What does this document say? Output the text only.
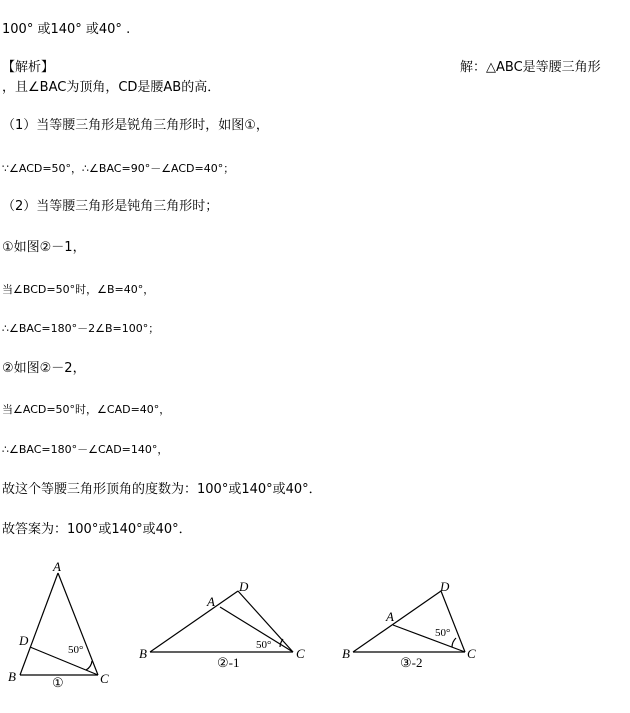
100° 或140° 或40° .
【解析】	解：△ABC是等腰三角形
，且∠BAC为顶角，CD是腰AB的高．
（1）当等腰三角形是锐角三角形时，如图①，
∵∠ACD=50°，∴∠BAC=90°－∠ACD=40°；
（2）当等腰三角形是钝角三角形时；
①如图②－1，
当∠BCD=50°时，∠B=40°，
∴∠BAC=180°－2∠B=100°；
②如图②－2，
当∠ACD=50°时，∠CAD=40°，
∴∠BAC=180°－∠CAD=140°，
故这个等腰三角形顶角的度数为：100°或140°或40°．
故答案为：100°或140°或40°．
A
D
B	C
50°
①
D
A
B	C
50°
②-1
D
A
B	C
50°
③-2
